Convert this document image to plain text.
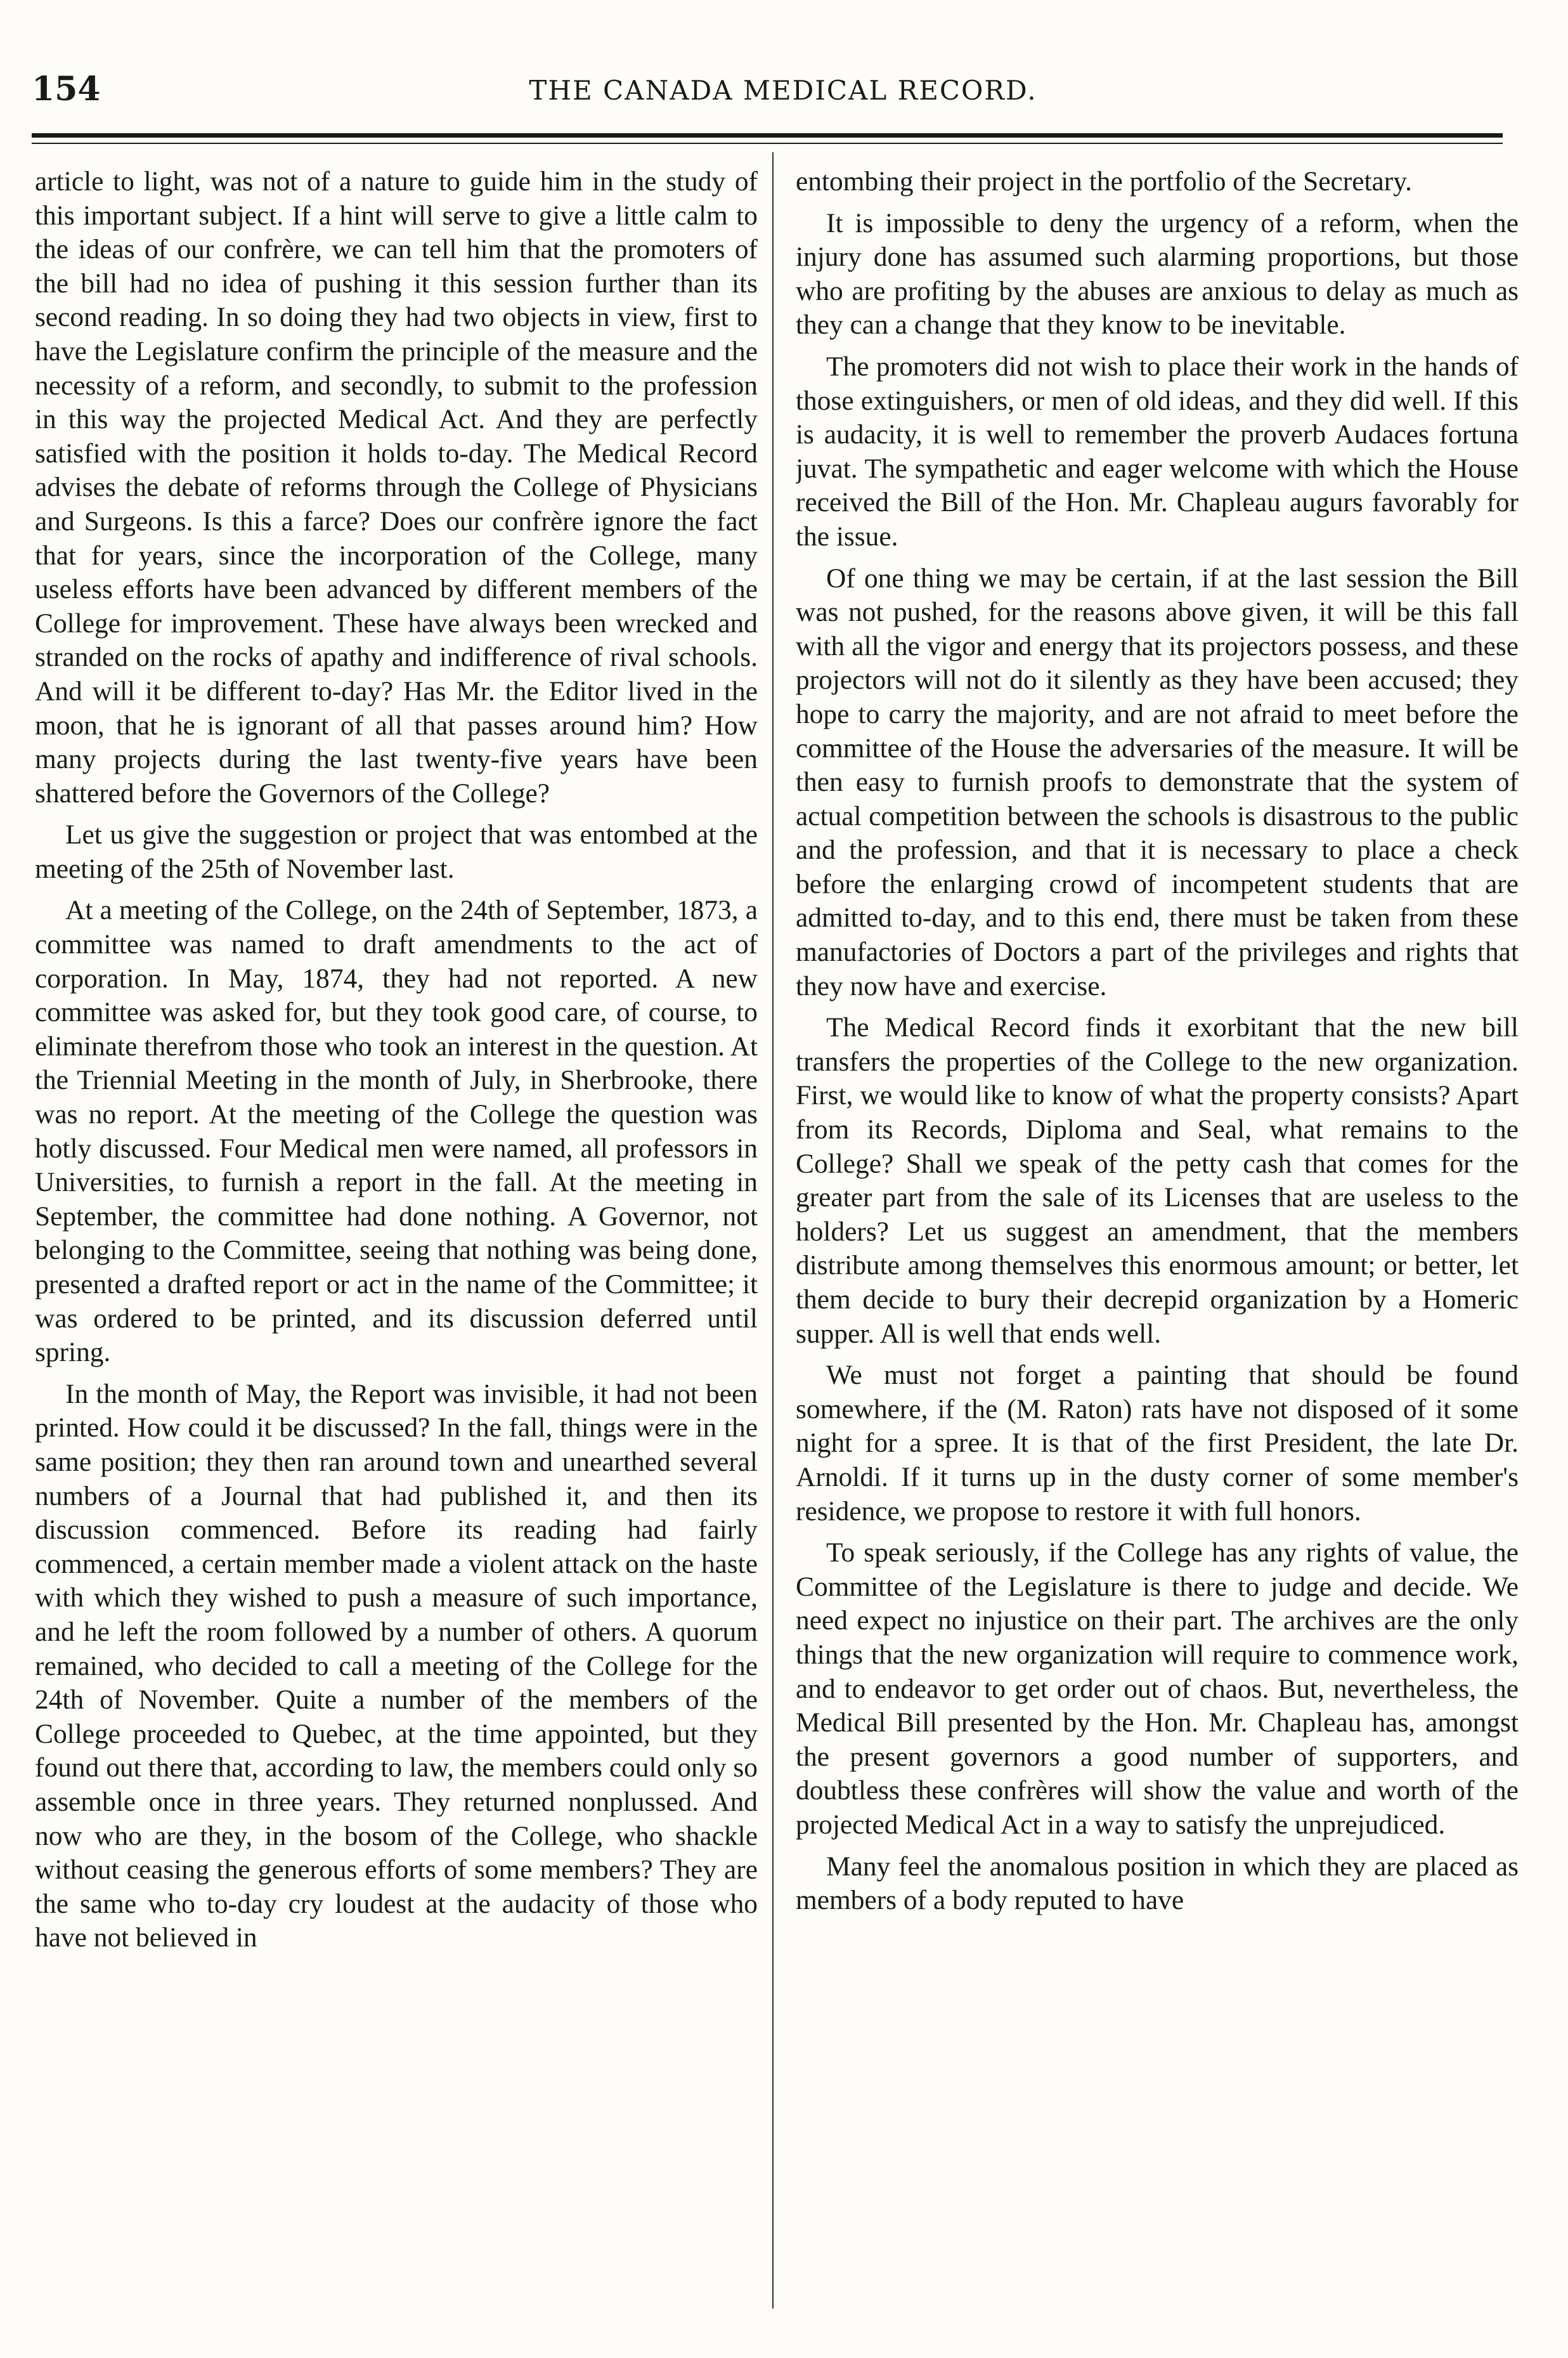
154	THE CANADA MEDICAL RECORD.

article to light, was not of a nature to guide him in the study of this important subject. If a hint will serve to give a little calm to the ideas of our confrère, we can tell him that the promoters of the bill had no idea of pushing it this session further than its second reading. In so doing they had two objects in view, first to have the Legislature confirm the principle of the measure and the necessity of a reform, and secondly, to submit to the profession in this way the projected Medical Act. And they are perfectly satisfied with the position it holds to-day. The Medical Record advises the debate of reforms through the College of Physicians and Surgeons. Is this a farce? Does our confrère ignore the fact that for years, since the incorporation of the College, many useless efforts have been advanced by different members of the College for improvement. These have always been wrecked and stranded on the rocks of apathy and indifference of rival schools. And will it be different to-day? Has Mr. the Editor lived in the moon, that he is ignorant of all that passes around him? How many projects during the last twenty-five years have been shattered before the Governors of the College?

Let us give the suggestion or project that was entombed at the meeting of the 25th of November last.

At a meeting of the College, on the 24th of September, 1873, a committee was named to draft amendments to the act of corporation. In May, 1874, they had not reported. A new committee was asked for, but they took good care, of course, to eliminate therefrom those who took an interest in the question. At the Triennial Meeting in the month of July, in Sherbrooke, there was no report. At the meeting of the College the question was hotly discussed. Four Medical men were named, all professors in Universities, to furnish a report in the fall. At the meeting in September, the committee had done nothing. A Governor, not belonging to the Committee, seeing that nothing was being done, presented a drafted report or act in the name of the Committee; it was ordered to be printed, and its discussion deferred until spring.

In the month of May, the Report was invisible, it had not been printed. How could it be discussed? In the fall, things were in the same position; they then ran around town and unearthed several numbers of a Journal that had published it, and then its discussion commenced. Before its reading had fairly commenced, a certain member made a violent attack on the haste with which they wished to push a measure of such importance, and he left the room followed by a number of others. A quorum remained, who decided to call a meeting of the College for the 24th of November. Quite a number of the members of the College proceeded to Quebec, at the time appointed, but they found out there that, according to law, the members could only so assemble once in three years. They returned nonplussed. And now who are they, in the bosom of the College, who shackle without ceasing the generous efforts of some members? They are the same who to-day cry loudest at the audacity of those who have not believed in

entombing their project in the portfolio of the Secretary.

It is impossible to deny the urgency of a reform, when the injury done has assumed such alarming proportions, but those who are profiting by the abuses are anxious to delay as much as they can a change that they know to be inevitable.

The promoters did not wish to place their work in the hands of those extinguishers, or men of old ideas, and they did well. If this is audacity, it is well to remember the proverb Audaces fortuna juvat. The sympathetic and eager welcome with which the House received the Bill of the Hon. Mr. Chapleau augurs favorably for the issue.

Of one thing we may be certain, if at the last session the Bill was not pushed, for the reasons above given, it will be this fall with all the vigor and energy that its projectors possess, and these projectors will not do it silently as they have been accused; they hope to carry the majority, and are not afraid to meet before the committee of the House the adversaries of the measure. It will be then easy to furnish proofs to demonstrate that the system of actual competition between the schools is disastrous to the public and the profession, and that it is necessary to place a check before the enlarging crowd of incompetent students that are admitted to-day, and to this end, there must be taken from these manufactories of Doctors a part of the privileges and rights that they now have and exercise.

The Medical Record finds it exorbitant that the new bill transfers the properties of the College to the new organization. First, we would like to know of what the property consists? Apart from its Records, Diploma and Seal, what remains to the College? Shall we speak of the petty cash that comes for the greater part from the sale of its Licenses that are useless to the holders? Let us suggest an amendment, that the members distribute among themselves this enormous amount; or better, let them decide to bury their decrepid organization by a Homeric supper. All is well that ends well.

We must not forget a painting that should be found somewhere, if the (M. Raton) rats have not disposed of it some night for a spree. It is that of the first President, the late Dr. Arnoldi. If it turns up in the dusty corner of some member's residence, we propose to restore it with full honors.

To speak seriously, if the College has any rights of value, the Committee of the Legislature is there to judge and decide. We need expect no injustice on their part. The archives are the only things that the new organization will require to commence work, and to endeavor to get order out of chaos. But, nevertheless, the Medical Bill presented by the Hon. Mr. Chapleau has, amongst the present governors a good number of supporters, and doubtless these confrères will show the value and worth of the projected Medical Act in a way to satisfy the unprejudiced.

Many feel the anomalous position in which they are placed as members of a body reputed to have
